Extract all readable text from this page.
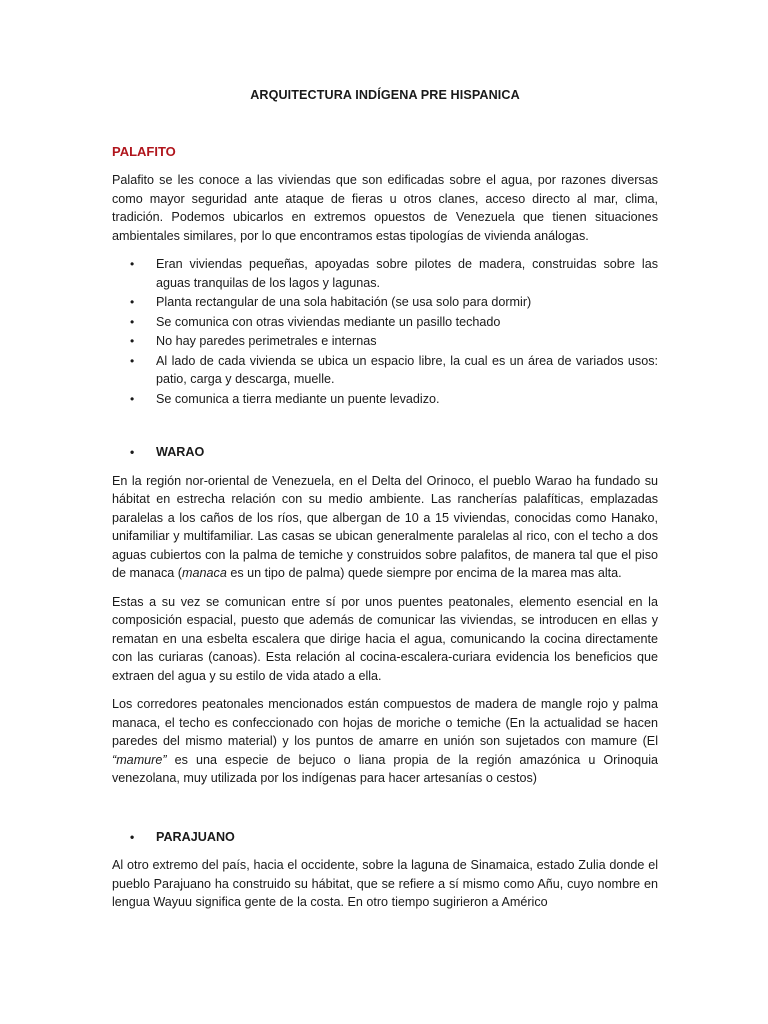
ARQUITECTURA INDÍGENA PRE HISPANICA
PALAFITO

Palafito se les conoce a las viviendas que son edificadas sobre el agua, por razones diversas como mayor seguridad ante ataque de fieras u otros clanes, acceso directo al mar, clima, tradición. Podemos ubicarlos en extremos opuestos de Venezuela que tienen situaciones ambientales similares, por lo que encontramos estas tipologías de vivienda análogas.

• Eran viviendas pequeñas, apoyadas sobre pilotes de madera, construidas sobre las aguas tranquilas de los lagos y lagunas.
• Planta rectangular de una sola habitación (se usa solo para dormir)
• Se comunica con otras viviendas mediante un pasillo techado
• No hay paredes perimetrales e internas
• Al lado de cada vivienda se ubica un espacio libre, la cual es un área de variados usos: patio, carga y descarga, muelle.
• Se comunica a tierra mediante un puente levadizo.
• WARAO

En la región nor-oriental de Venezuela, en el Delta del Orinoco, el pueblo Warao ha fundado su hábitat en estrecha relación con su medio ambiente. Las rancherías palafíticas, emplazadas paralelas a los caños de los ríos, que albergan de 10 a 15 viviendas, conocidas como Hanako, unifamiliar y multifamiliar. Las casas se ubican generalmente paralelas al rico, con el techo a dos aguas cubiertos con la palma de temiche y construidos sobre palafitos, de manera tal que el piso de manaca (manaca es un tipo de palma) quede siempre por encima de la marea mas alta.

Estas a su vez se comunican entre sí por unos puentes peatonales, elemento esencial en la composición espacial, puesto que además de comunicar las viviendas, se introducen en ellas y rematan en una esbelta escalera que dirige hacia el agua, comunicando la cocina directamente con las curiaras (canoas). Esta relación al cocina-escalera-curiara evidencia los beneficios que extraen del agua y su estilo de vida atado a ella.

Los corredores peatonales mencionados están compuestos de madera de mangle rojo y palma manaca, el techo es confeccionado con hojas de moriche o temiche (En la actualidad se hacen paredes del mismo material) y los puntos de amarre en unión son sujetados con mamure (El “mamure” es una especie de bejuco o liana propia de la región amazónica u Orinoquia venezolana, muy utilizada por los indígenas para hacer artesanías o cestos)

• PARAJUANO

Al otro extremo del país, hacia el occidente, sobre la laguna de Sinamaica, estado Zulia donde el pueblo Parajuano ha construido su hábitat, que se refiere a sí mismo como Añu, cuyo nombre en lengua Wayuu significa gente de la costa. En otro tiempo sugirieron a Américo
